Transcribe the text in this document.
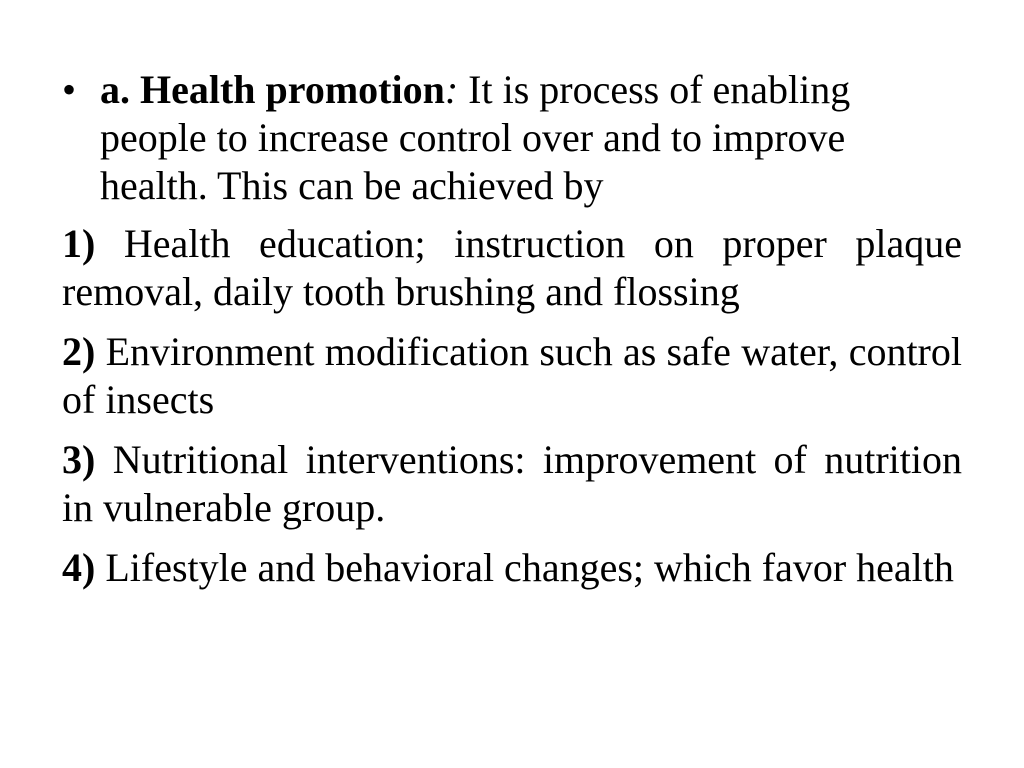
• a. Health promotion: It is process of enabling people to increase control over and to improve health. This can be achieved by

1) Health education; instruction on proper plaque removal, daily tooth brushing and flossing

2) Environment modification such as safe water, control of insects

3) Nutritional interventions: improvement of nutrition in vulnerable group.

4) Lifestyle and behavioral changes; which favor health
